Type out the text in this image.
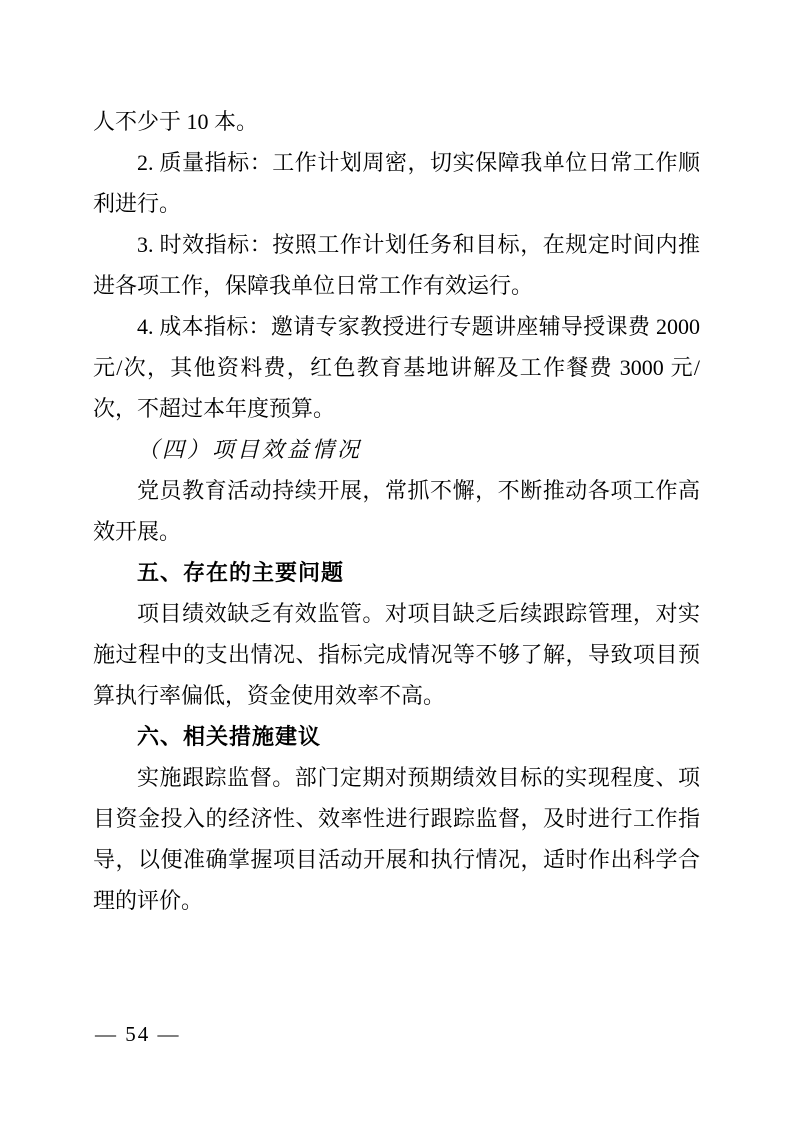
人不少于 10 本。

2. 质量指标：工作计划周密，切实保障我单位日常工作顺利进行。

3. 时效指标：按照工作计划任务和目标，在规定时间内推进各项工作，保障我单位日常工作有效运行。

4. 成本指标：邀请专家教授进行专题讲座辅导授课费 2000 元/次，其他资料费，红色教育基地讲解及工作餐费 3000 元/次，不超过本年度预算。

（四）项目效益情况

党员教育活动持续开展，常抓不懈，不断推动各项工作高效开展。

五、存在的主要问题

项目绩效缺乏有效监管。对项目缺乏后续跟踪管理，对实施过程中的支出情况、指标完成情况等不够了解，导致项目预算执行率偏低，资金使用效率不高。

六、相关措施建议

实施跟踪监督。部门定期对预期绩效目标的实现程度、项目资金投入的经济性、效率性进行跟踪监督，及时进行工作指导，以便准确掌握项目活动开展和执行情况，适时作出科学合理的评价。

— 54 —
